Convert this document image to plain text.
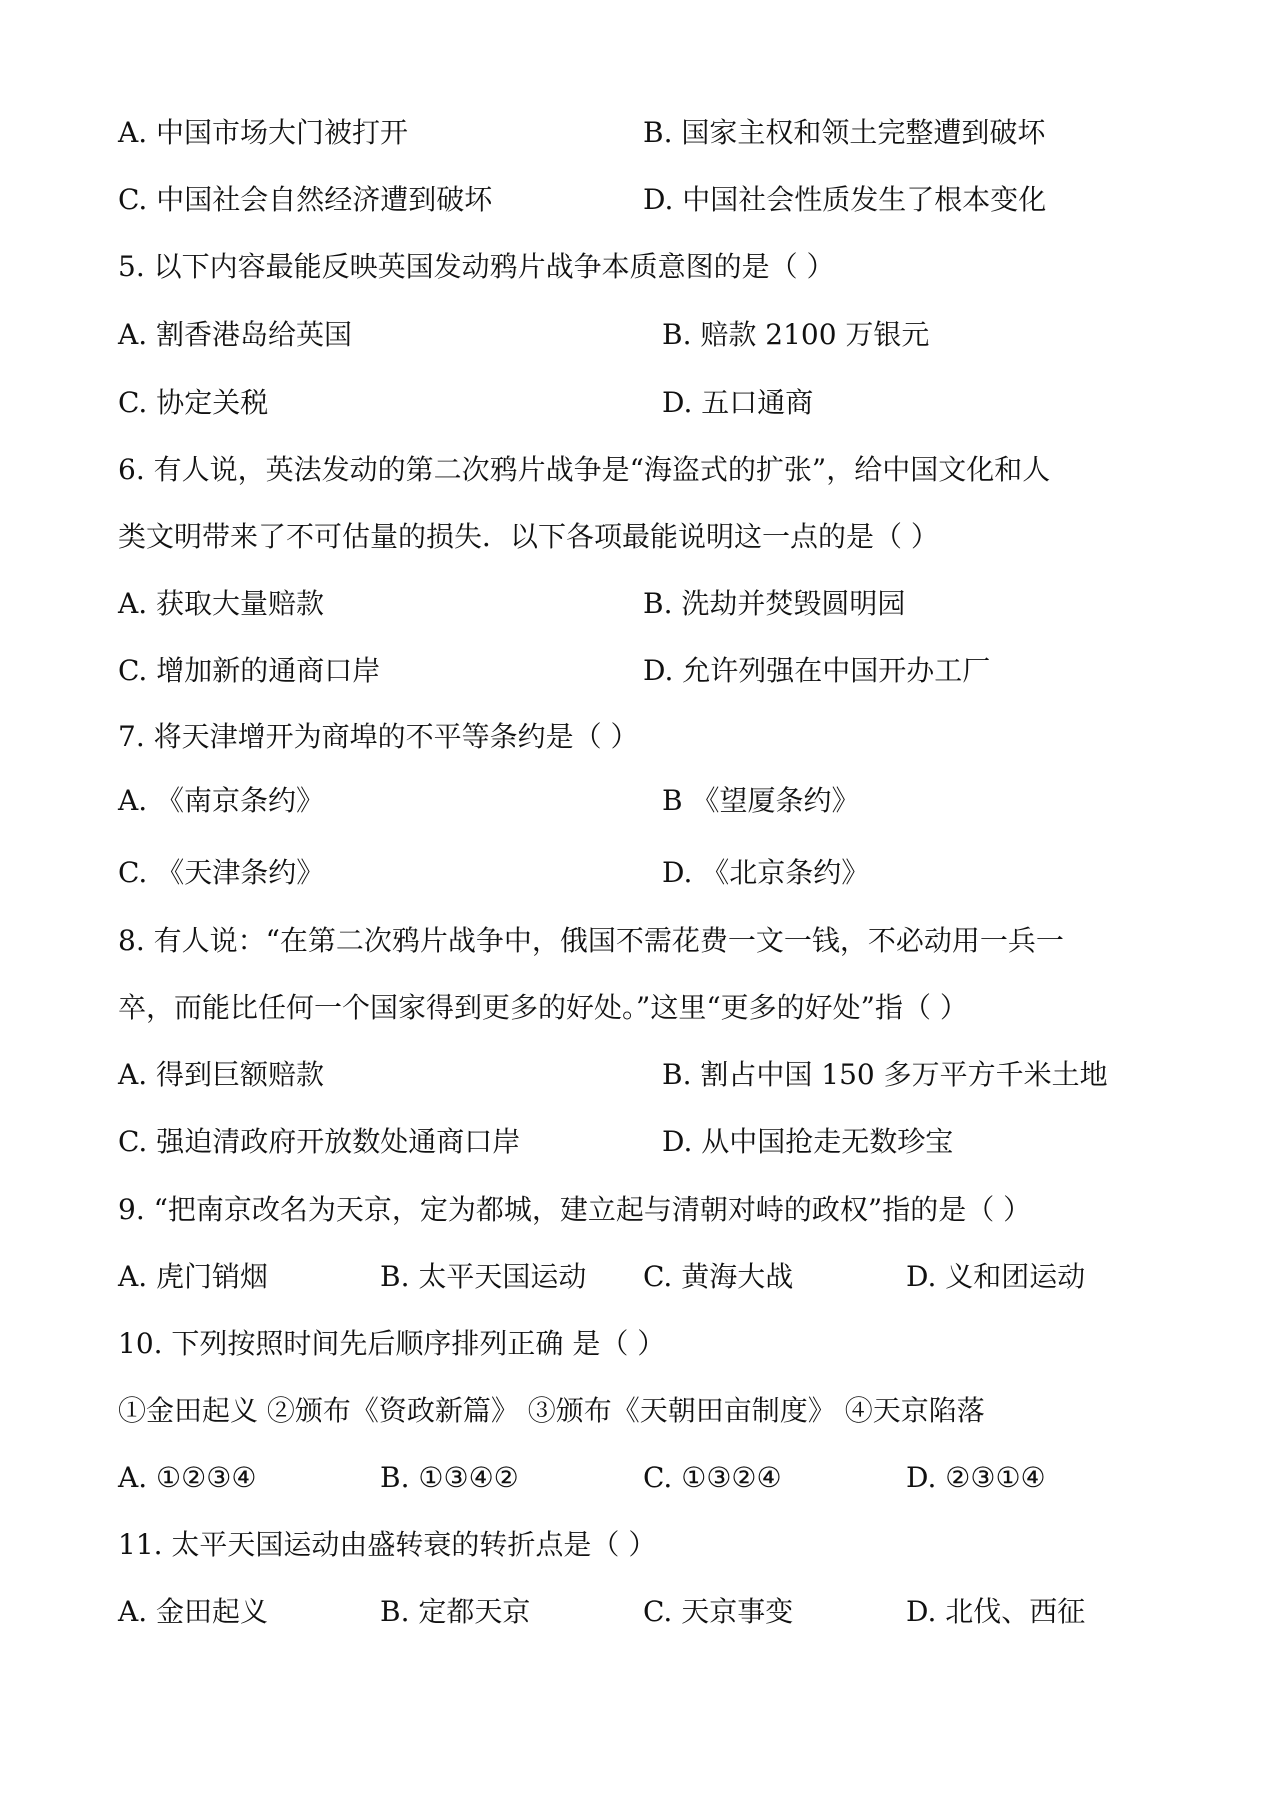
A. 中国市场大门被打开	B. 国家主权和领土完整遭到破坏
C. 中国社会自然经济遭到破坏	D. 中国社会性质发生了根本变化
5. 以下内容最能反映英国发动鸦片战争本质意图的是（ ）
A. 割香港岛给英国	B. 赔款 2100 万银元
C. 协定关税	D. 五口通商
6. 有人说，英法发动的第二次鸦片战争是“海盗式的扩张”，给中国文化和人
类文明带来了不可估量的损失．以下各项最能说明这一点的是（ ）
A. 获取大量赔款	B. 洗劫并焚毁圆明园
C. 增加新的通商口岸	D. 允许列强在中国开办工厂
7. 将天津增开为商埠的不平等条约是（ ）
A. 《南京条约》	B 《望厦条约》
C. 《天津条约》	D. 《北京条约》
8. 有人说：“在第二次鸦片战争中，俄国不需花费一文一钱，不必动用一兵一
卒，而能比任何一个国家得到更多的好处。”这里“更多的好处”指（ ）
A. 得到巨额赔款	B. 割占中国 150 多万平方千米土地
C. 强迫清政府开放数处通商口岸	D. 从中国抢走无数珍宝
9. “把南京改名为天京，定为都城，建立起与清朝对峙的政权”指的是（ ）
A. 虎门销烟	B. 太平天国运动 C. 黄海大战	D. 义和团运动
10. 下列按照时间先后顺序排列正确 是（ ）
①金田起义 ②颁布《资政新篇》 ③颁布《天朝田亩制度》 ④天京陷落
A. ①②③④	B. ①③④②	C. ①③②④	D. ②③①④
11. 太平天国运动由盛转衰的转折点是（ ）
A. 金田起义	B. 定都天京	C. 天京事变	D. 北伐、西征
